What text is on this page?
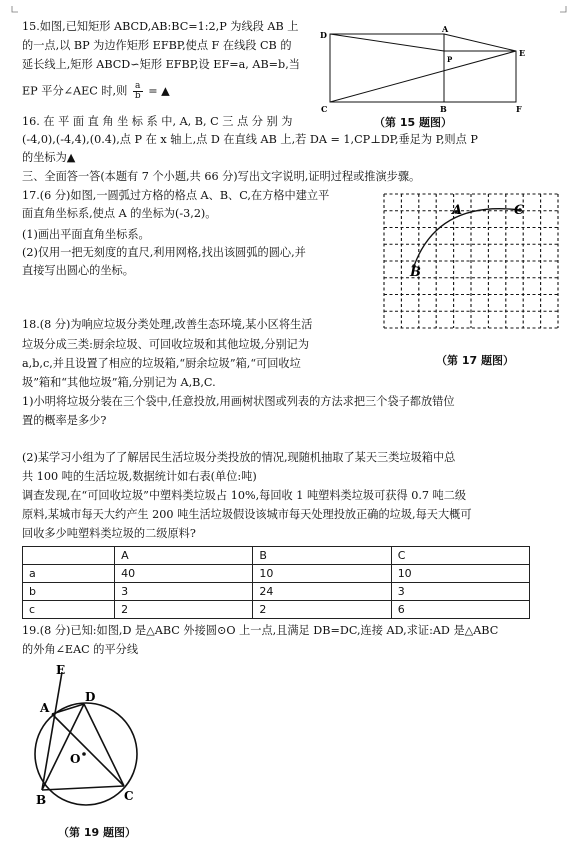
15.如图,已知矩形 ABCD,AB:BC=1:2,P 为线段 AB 上
的一点,以 BP 为边作矩形 EFBP,使点 F 在线段 CB 的
延长线上,矩形 ABCD∽矩形 EFBP,设 EF=a, AB=b,当
EP 平分∠AEC 时,则 $\frac{a}{b}$ = ▲
D
A
E
P
C	B	F
（第 15 题图）
16. 在 平 面 直 角 坐 标 系 中, A, B, C 三 点 分 别 为
(-4,0),(-4,4),(0.4),点 P 在 x 轴上,点 D 在直线 AB 上,若 DA = 1,CP⊥DP,垂足为 P,则点 P
的坐标为▲
三、全面答一答(本题有 7 个小题,共 66 分)写出文字说明,证明过程或推演步骤。
17.(6 分)如图,一圆弧过方格的格点 A、B、C,在方格中建立平
面直角坐标系,使点 A 的坐标为(-3,2)。
(1)画出平面直角坐标系。
(2)仅用一把无刻度的直尺,利用网格,找出该圆弧的圆心,并
直接写出圆心的坐标。
A
B
C
（第 17 题图）
18.(8 分)为响应垃圾分类处理,改善生态环境,某小区将生活
垃圾分成三类:厨余垃圾、可回收垃圾和其他垃圾,分别记为
a,b,c,并且设置了相应的垃圾箱,“厨余垃圾”箱,“可回收垃
圾”箱和“其他垃圾”箱,分别记为 A,B,C.
1)小明将垃圾分装在三个袋中,任意投放,用画树状图或列表的方法求把三个袋子都放错位
置的概率是多少?
(2)某学习小组为了了解居民生活垃圾分类投放的情况,现随机抽取了某天三类垃圾箱中总
共 100 吨的生活垃圾,数据统计如右表(单位:吨)
调查发现,在“可回收垃圾”中塑料类垃圾占 10%,每回收 1 吨塑料类垃圾可获得 0.7 吨二级
原料,某城市每天大约产生 200 吨生活垃圾假设该城市每天处理投放正确的垃圾,每天大概可
回收多少吨塑料类垃圾的二级原料?
	A	B	C
a	40	10	10
b	3	24	3
c	2	2	6
19.(8 分)已知:如图,D 是△ABC 外接圆⊙O 上一点,且满足 DB=DC,连接 AD,求证:AD 是△ABC
的外角∠EAC 的平分线
E
D
A
O
B	C
（第 19 题图）
